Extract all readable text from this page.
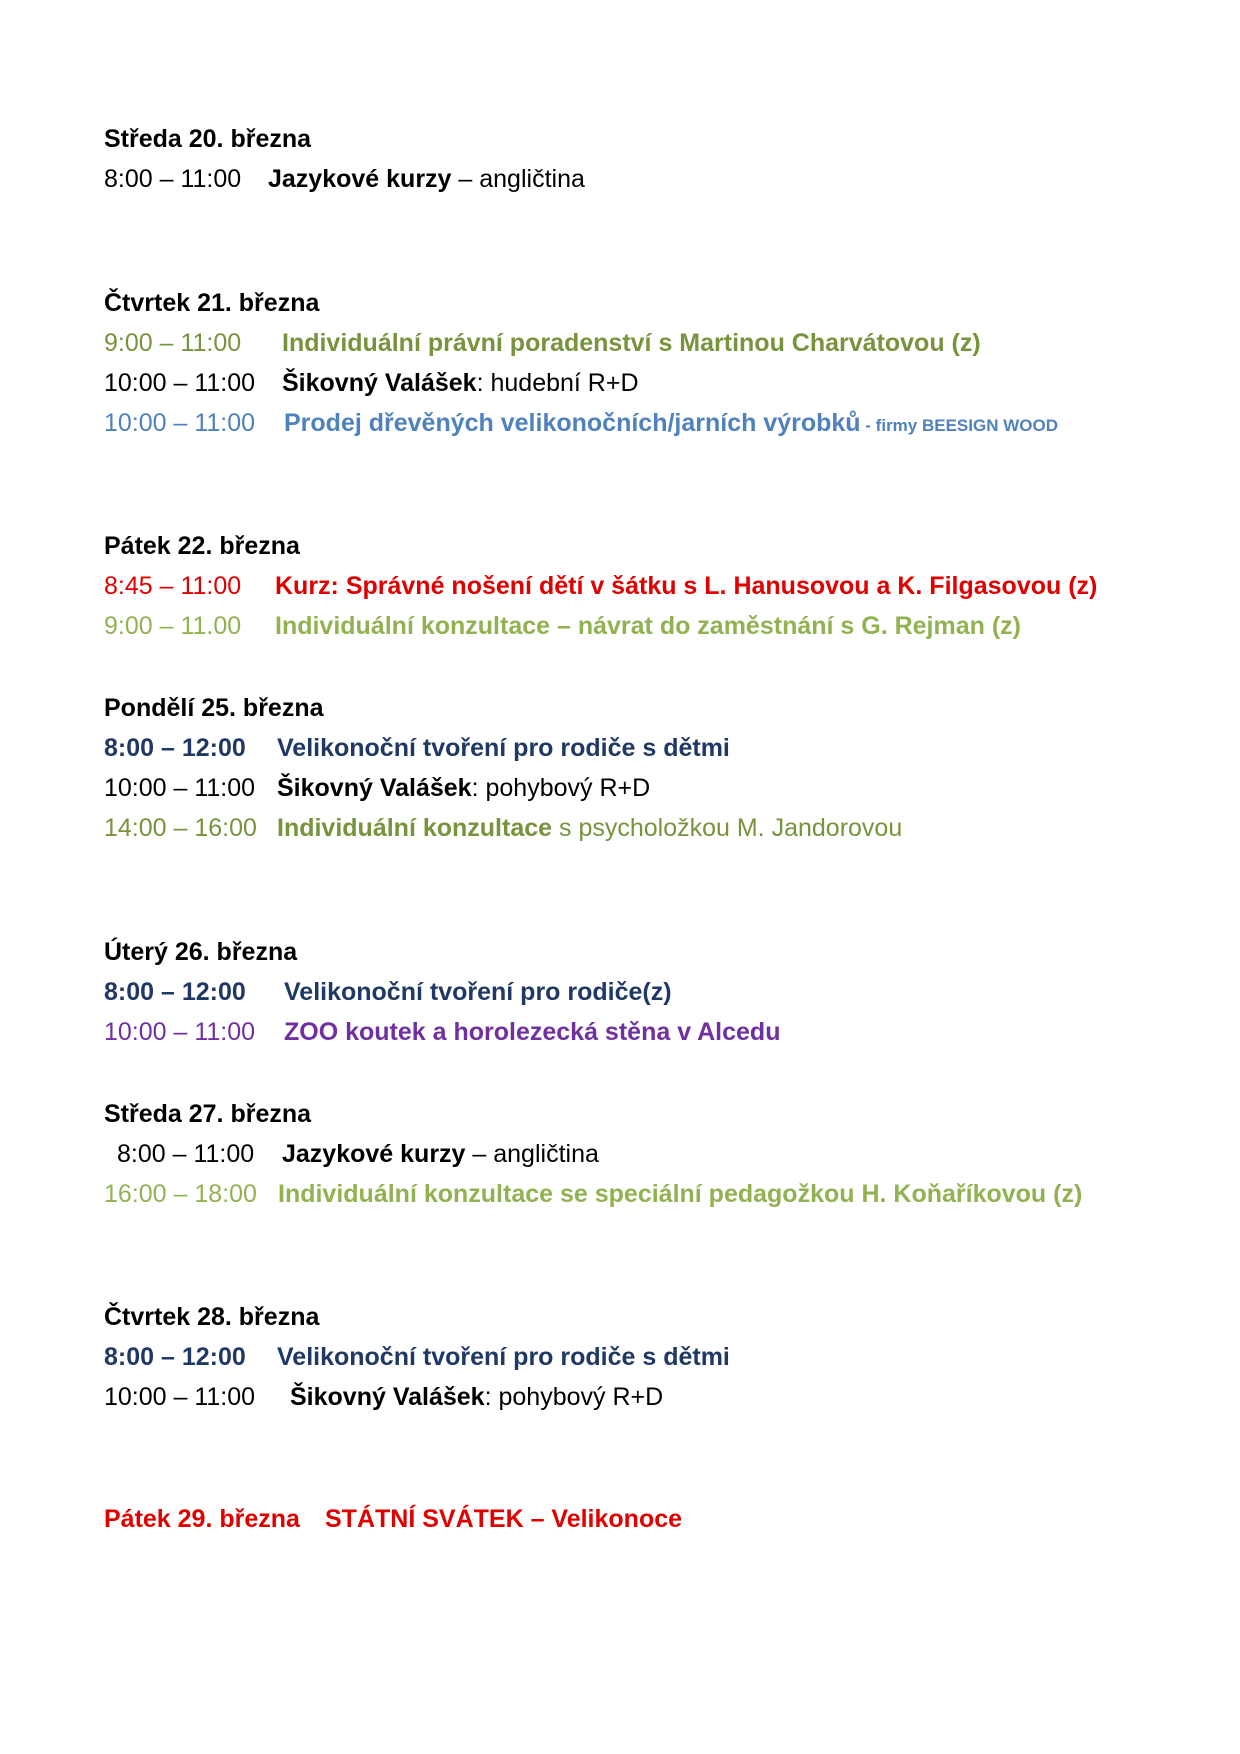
Středa 20. března
8:00 – 11:00 Jazykové kurzy – angličtina
Čtvrtek 21. března
9:00 – 11:00 Individuální právní poradenství s Martinou Charvátovou (z)
10:00 – 11:00 Šikovný Valášek: hudební R+D
10:00 – 11:00 Prodej dřevěných velikonočních/jarních výrobků - firmy BEESIGN WOOD
Pátek 22. března
8:45 – 11:00 Kurz: Správné nošení dětí v šátku s L. Hanusovou a K. Filgasovou (z)
9:00 – 11.00 Individuální konzultace – návrat do zaměstnání s G. Rejman (z)
Pondělí 25. března
8:00 – 12:00 Velikonoční tvoření pro rodiče s dětmi
10:00 – 11:00 Šikovný Valášek: pohybový R+D
14:00 – 16:00 Individuální konzultace s psycholožkou M. Jandorovou
Úterý 26. března
8:00 – 12:00 Velikonoční tvoření pro rodiče(z)
10:00 – 11:00 ZOO koutek a horolezecká stěna v Alcedu
Středa 27. března
8:00 – 11:00 Jazykové kurzy – angličtina
16:00 – 18:00 Individuální konzultace se speciální pedagožkou H. Koňaříkovou (z)
Čtvrtek 28. března
8:00 – 12:00 Velikonoční tvoření pro rodiče s dětmi
10:00 – 11:00 Šikovný Valášek: pohybový R+D
Pátek 29. března STÁTNÍ SVÁTEK – Velikonoce
